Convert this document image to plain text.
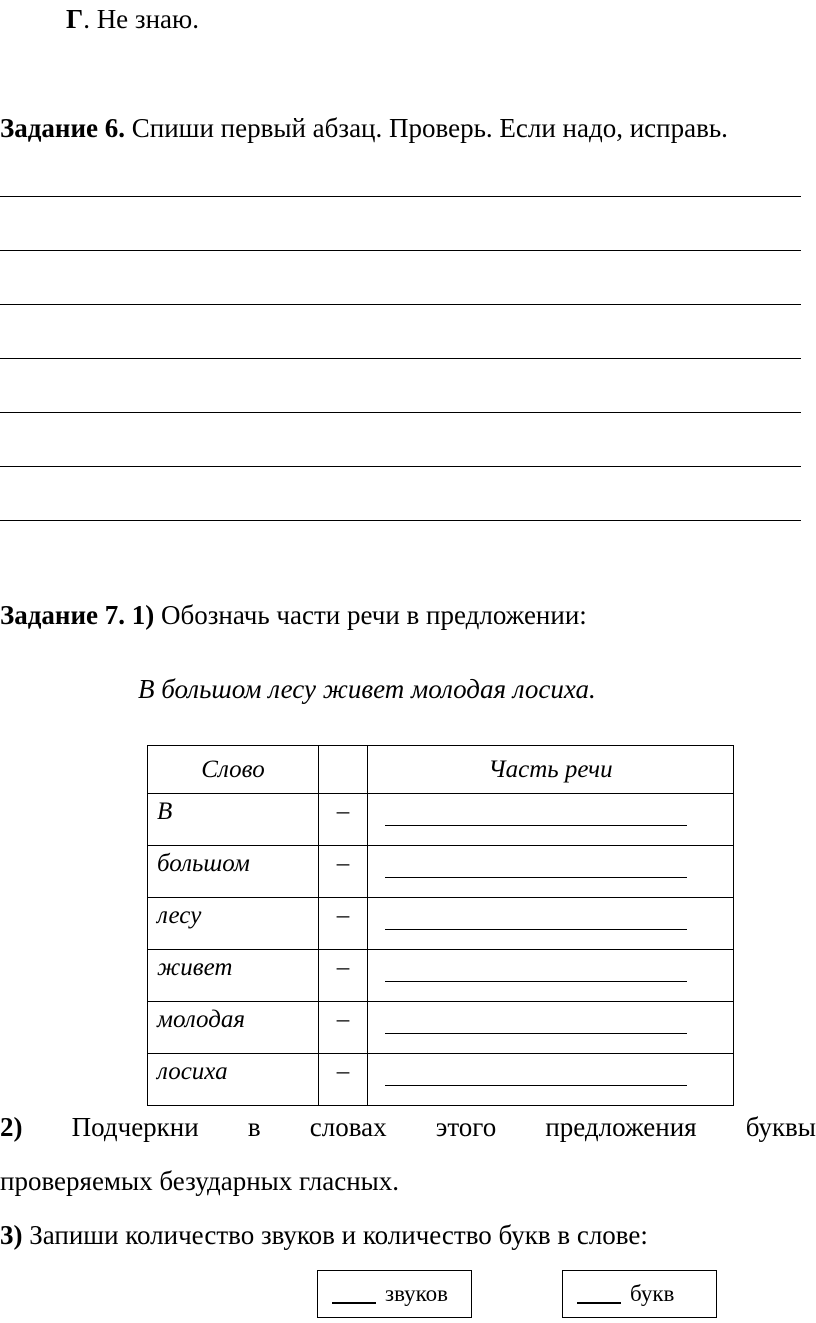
Г. Не знаю.
Задание 6. Спиши первый абзац. Проверь. Если надо, исправь.
Задание 7. 1) Обозначь части речи в предложении:
В большом лесу живет молодая лосиха.
Слово		Часть речи
В	–	

большом	–	

лесу	–	

живет	–	

молодая	–	

лосиха	–	
2) Подчеркни в словах этого предложения буквы
проверяемых безударных гласных.
3) Запиши количество звуков и количество букв в слове:
звуков	букв
